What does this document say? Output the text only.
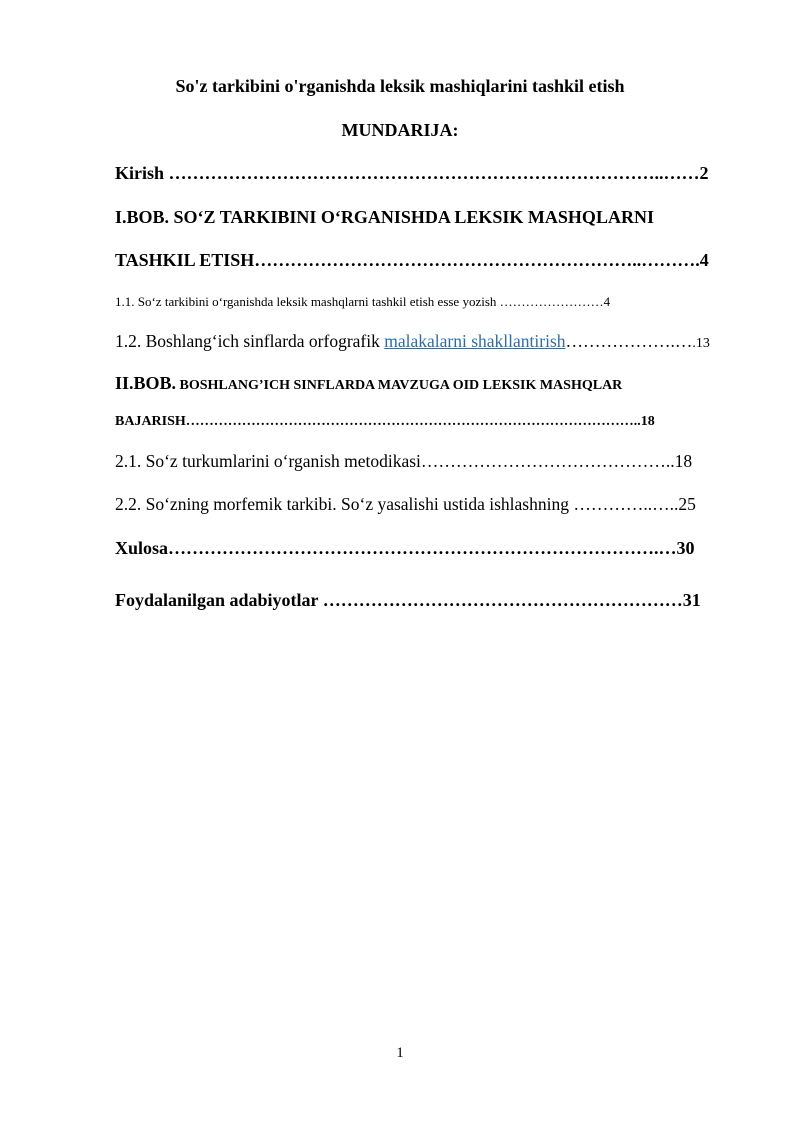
So'z tarkibini o'rganishda leksik mashiqlarini tashkil etish
MUNDARIJA:
Kirish ………………………………………………………………………..……2
I.BOB. SO‘Z TARKIBINI O‘RGANISHDA LEKSIK MASHQLARNI
TASHKIL ETISH………………………………………………………..……….4
1.1. So‘z tarkibini o‘rganishda leksik mashqlarni tashkil etish esse yozish ……………………4
1.2. Boshlang‘ich sinflarda orfografik malakalarni shakllantirish……………….….13
II.BOB. BOSHLANG’ICH SINFLARDA MAVZUGA OID LEKSIK MASHQLAR
BAJARISH……………………………………………………………………………………..18
2.1. So‘z turkumlarini o‘rganish metodikasi……………………………………..18
2.2. So‘zning morfemik tarkibi. So‘z yasalishi ustida ishlashning …………..…..25
Xulosa……………………………………………………………………….…30
Foydalanilgan adabiyotlar ……………………………………………………31
1
